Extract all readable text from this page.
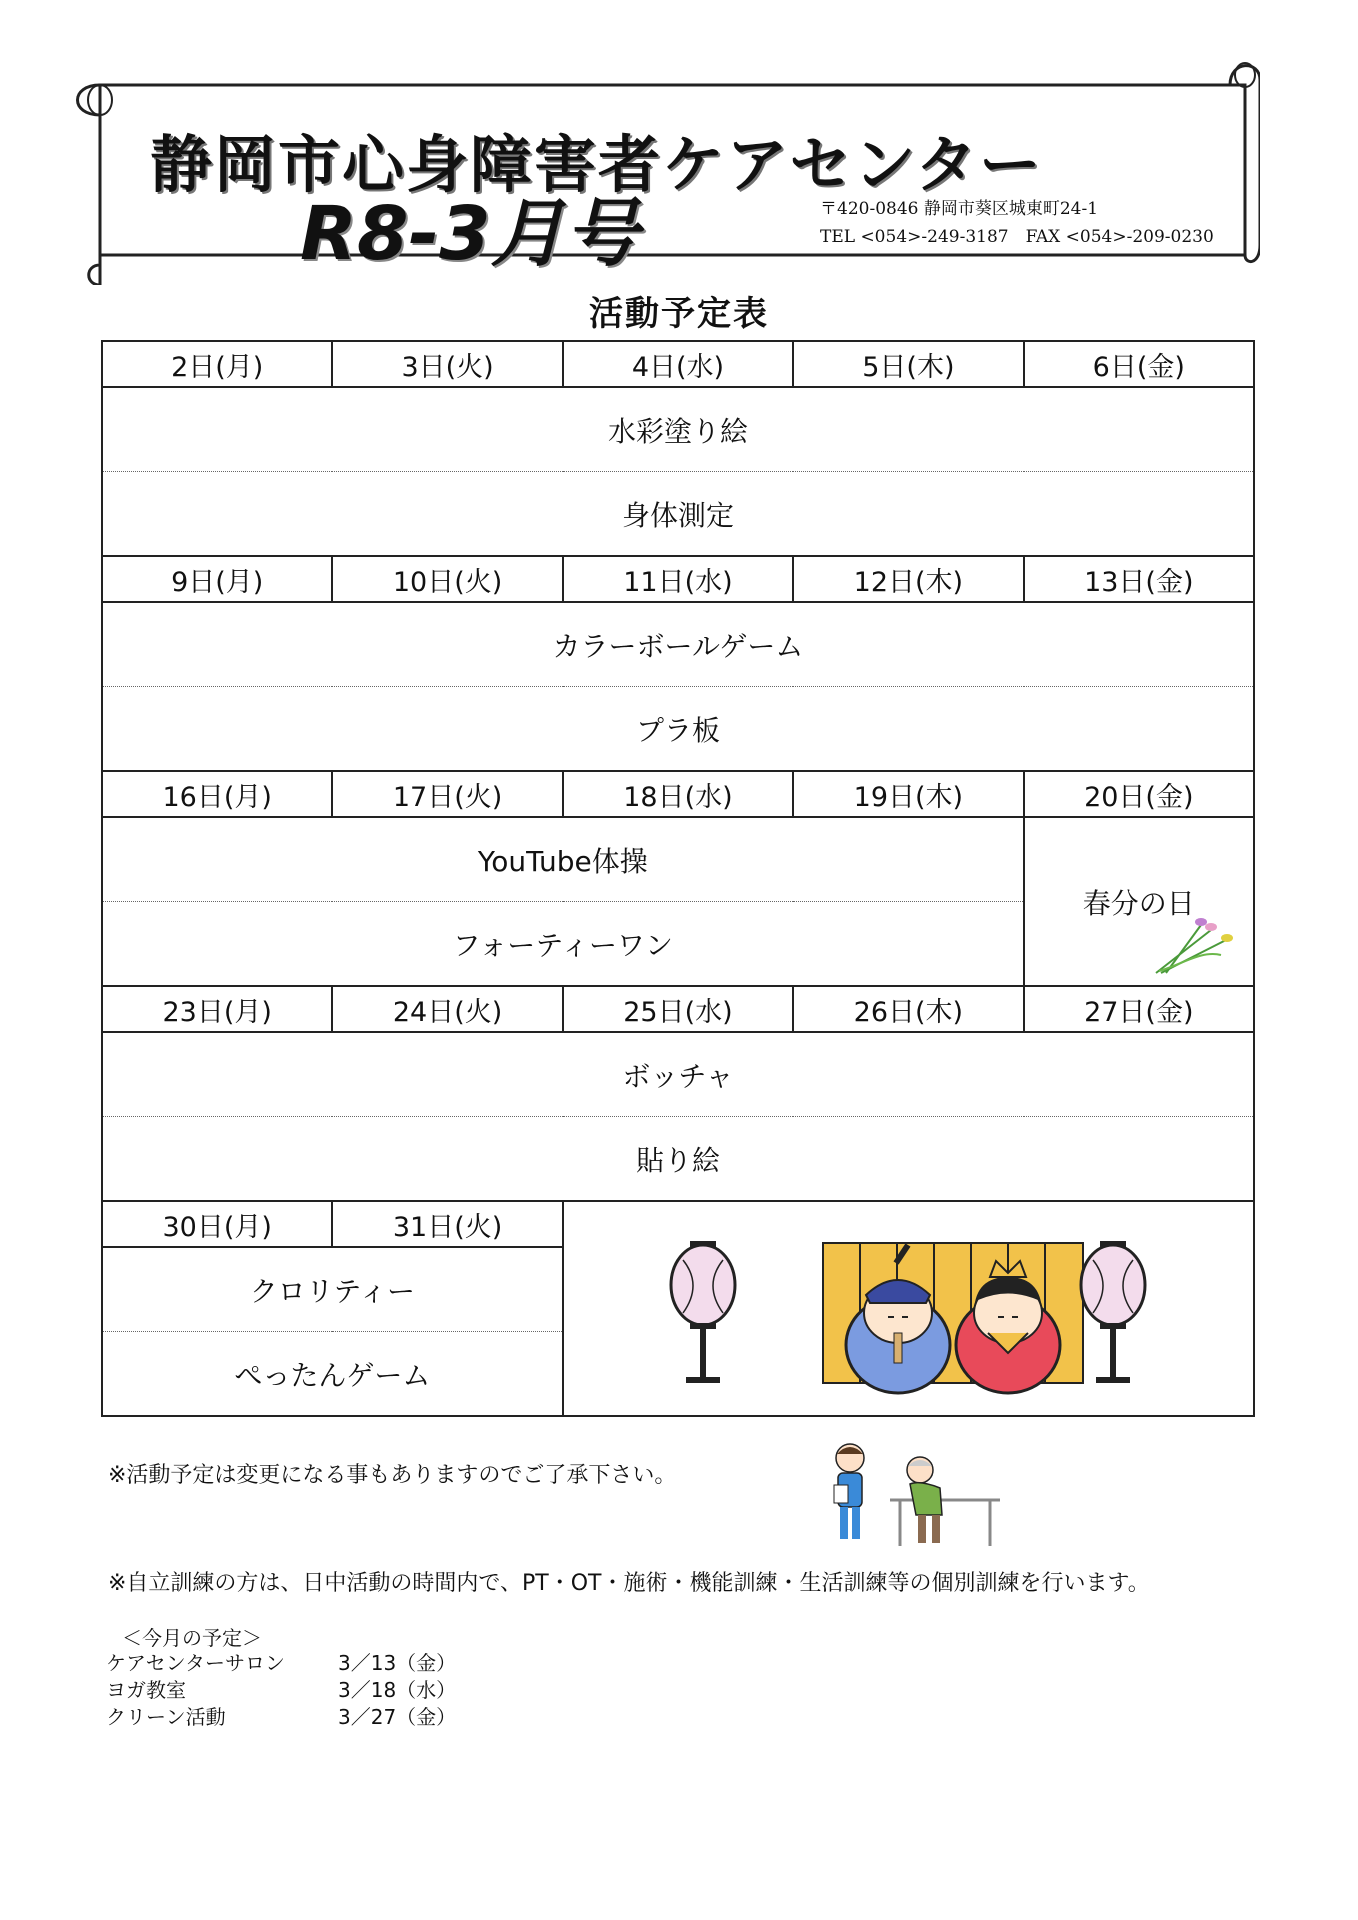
静岡市心身障害者ケアセンター
R8-3月号	〒420-0846 静岡市葵区城東町24-1
TEL <054>-249-3187　FAX <054>-209-0230
活動予定表
2日(月)	3日(火)	4日(水)	5日(木)	6日(金)
水彩塗り絵				
身体測定				
9日(月)	10日(火)	11日(水)	12日(木)	13日(金)
カラーボールゲーム				
プラ板				
16日(月)	17日(火)	18日(水)	19日(木)	20日(金)
YouTube体操				春分の日

フォーティーワン				
23日(月)	24日(火)	25日(水)	26日(木)	27日(金)
ボッチャ				
貼り絵				
30日(月)	31日(火)	
クロリティー				
ぺったんゲーム				
※活動予定は変更になる事もありますのでご了承下さい。
※自立訓練の方は、日中活動の時間内で、PT・OT・施術・機能訓練・生活訓練等の個別訓練を行います。
＜今月の予定＞
ケアセンターサロン	3／13（金）
ヨガ教室	3／18（水）
クリーン活動	3／27（金）
